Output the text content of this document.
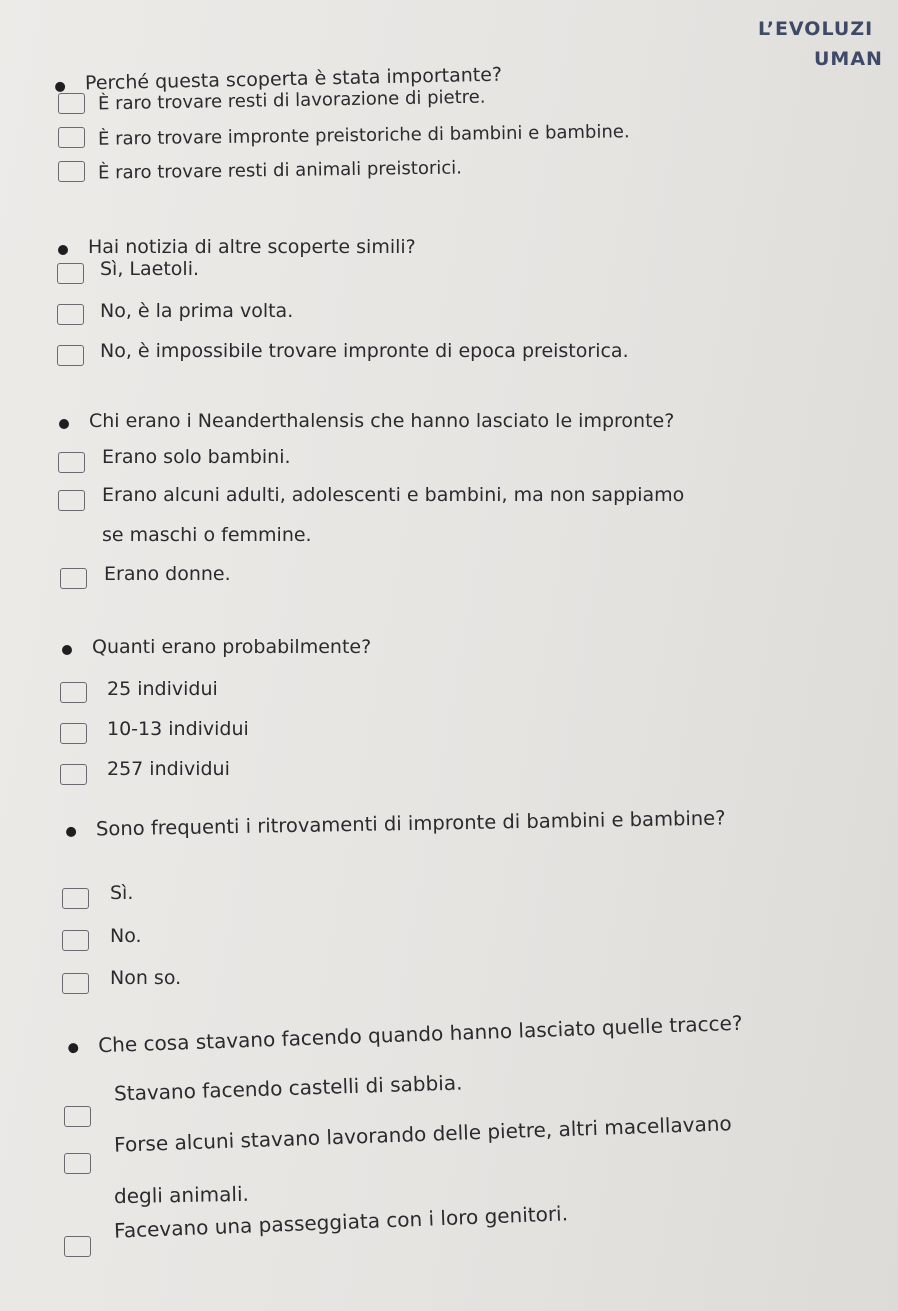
L’EVOLUZI
UMAN
Perché questa scoperta è stata importante?
È raro trovare resti di lavorazione di pietre.
È raro trovare impronte preistoriche di bambini e bambine.
È raro trovare resti di animali preistorici.
Hai notizia di altre scoperte simili?
Sì, Laetoli.
No, è la prima volta.
No, è impossibile trovare impronte di epoca preistorica.
Chi erano i Neanderthalensis che hanno lasciato le impronte?
Erano solo bambini.
Erano alcuni adulti, adolescenti e bambini, ma non sappiamo
se maschi o femmine.
Erano donne.
Quanti erano probabilmente?
25 individui
10-13 individui
257 individui
Sono frequenti i ritrovamenti di impronte di bambini e bambine?
Sì.
No.
Non so.
Che cosa stavano facendo quando hanno lasciato quelle tracce?
Stavano facendo castelli di sabbia.
Forse alcuni stavano lavorando delle pietre, altri macellavano
degli animali.
Facevano una passeggiata con i loro genitori.
